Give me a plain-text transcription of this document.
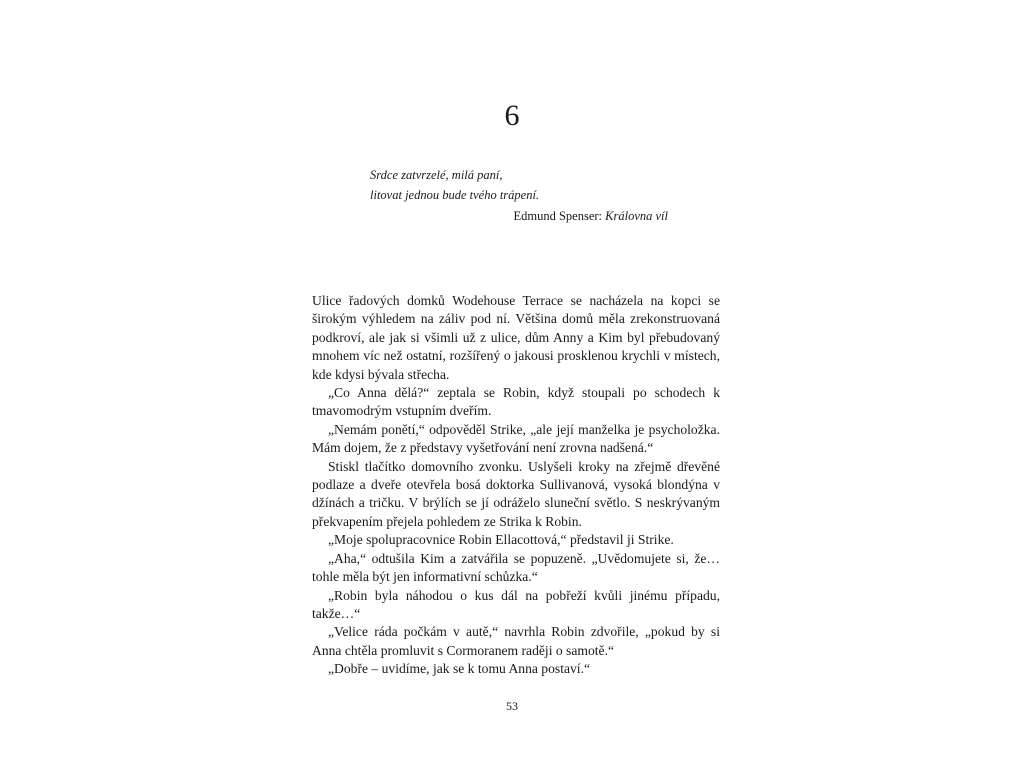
6
Srdce zatvrzelé, milá paní,
litovat jednou bude tvého trápení.
Edmund Spenser: Královna víl

Ulice řadových domků Wodehouse Terrace se nacházela na kopci se širokým výhledem na záliv pod ní. Většina domů měla zrekonstruovaná podkroví, ale jak si všimli už z ulice, dům Anny a Kim byl přebudovaný mnohem víc než ostatní, rozšířený o jakousi prosklenou krychli v místech, kde kdysi bývala střecha.

„Co Anna dělá?“ zeptala se Robin, když stoupali po schodech k tmavomodrým vstupním dveřím.

„Nemám ponětí,“ odpověděl Strike, „ale její manželka je psycholožka. Mám dojem, že z představy vyšetřování není zrovna nadšená.“

Stiskl tlačítko domovního zvonku. Uslyšeli kroky na zřejmě dřevěné podlaze a dveře otevřela bosá doktorka Sullivanová, vysoká blondýna v džínách a tričku. V brýlích se jí odráželo sluneční světlo. S neskrývaným překvapením přejela pohledem ze Strika k Robin.

„Moje spolupracovnice Robin Ellacottová,“ představil ji Strike.

„Aha,“ odtušila Kim a zatvářila se popuzeně. „Uvědomujete si, že… tohle měla být jen informativní schůzka.“

„Robin byla náhodou o kus dál na pobřeží kvůli jinému případu, takže…“

„Velice ráda počkám v autě,“ navrhla Robin zdvořile, „pokud by si Anna chtěla promluvit s Cormoranem raději o samotě.“

„Dobře – uvidíme, jak se k tomu Anna postaví.“

53
